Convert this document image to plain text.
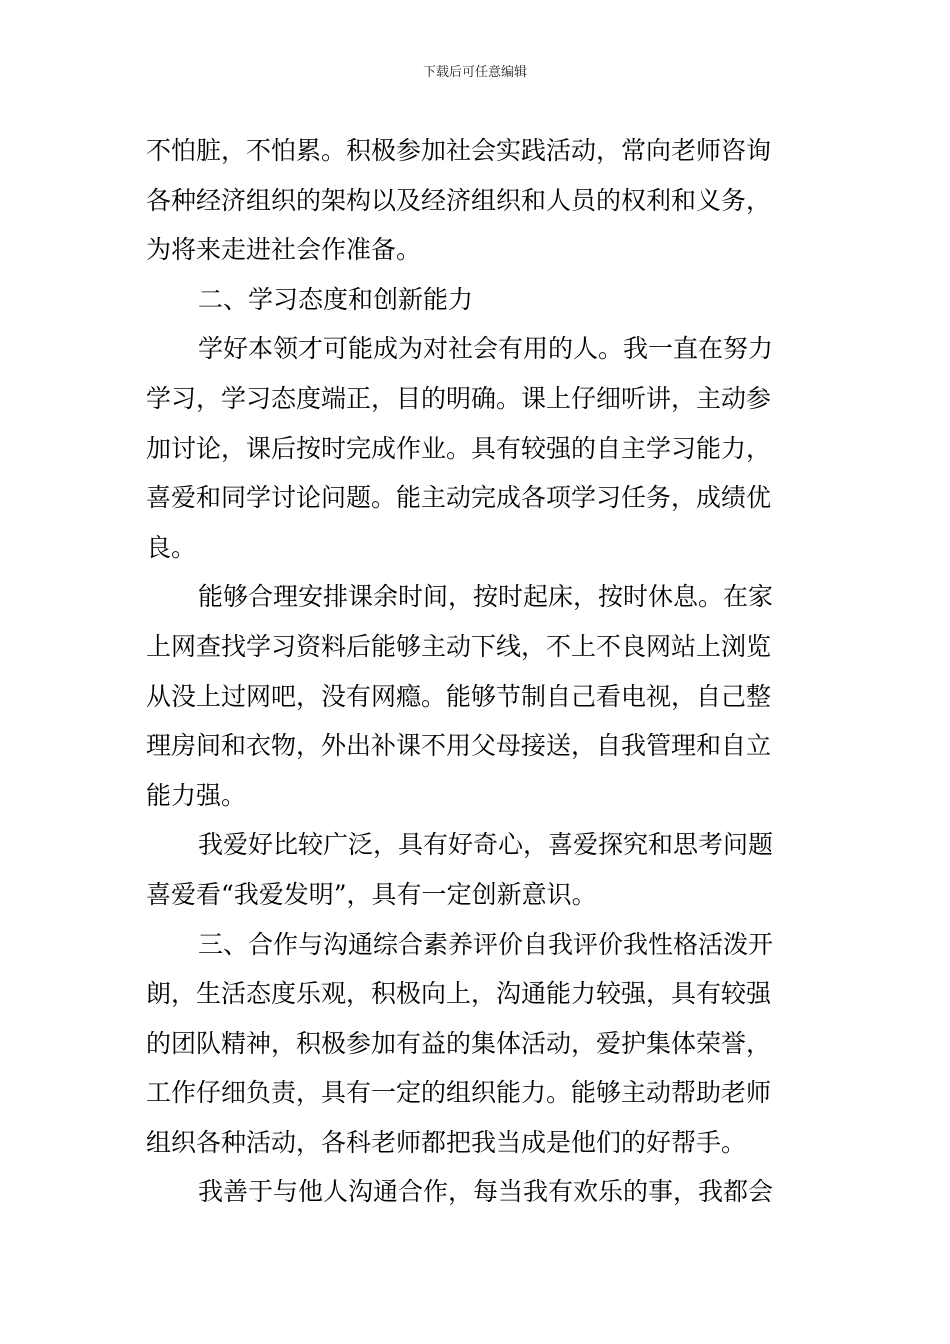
下载后可任意编辑
不怕脏，不怕累。积极参加社会实践活动，常向老师咨询
各种经济组织的架构以及经济组织和人员的权利和义务，
为将来走进社会作准备。
二、学习态度和创新能力
学好本领才可能成为对社会有用的人。我一直在努力
学习，学习态度端正，目的明确。课上仔细听讲，主动参
加讨论，课后按时完成作业。具有较强的自主学习能力，
喜爱和同学讨论问题。能主动完成各项学习任务，成绩优
良。
能够合理安排课余时间，按时起床，按时休息。在家
上网查找学习资料后能够主动下线，不上不良网站上浏览
从没上过网吧，没有网瘾。能够节制自己看电视，自己整
理房间和衣物，外出补课不用父母接送，自我管理和自立
能力强。
我爱好比较广泛，具有好奇心，喜爱探究和思考问题
喜爱看“我爱发明”，具有一定创新意识。
三、合作与沟通综合素养评价自我评价我性格活泼开
朗，生活态度乐观，积极向上，沟通能力较强，具有较强
的团队精神，积极参加有益的集体活动，爱护集体荣誉，
工作仔细负责，具有一定的组织能力。能够主动帮助老师
组织各种活动，各科老师都把我当成是他们的好帮手。
我善于与他人沟通合作，每当我有欢乐的事，我都会
